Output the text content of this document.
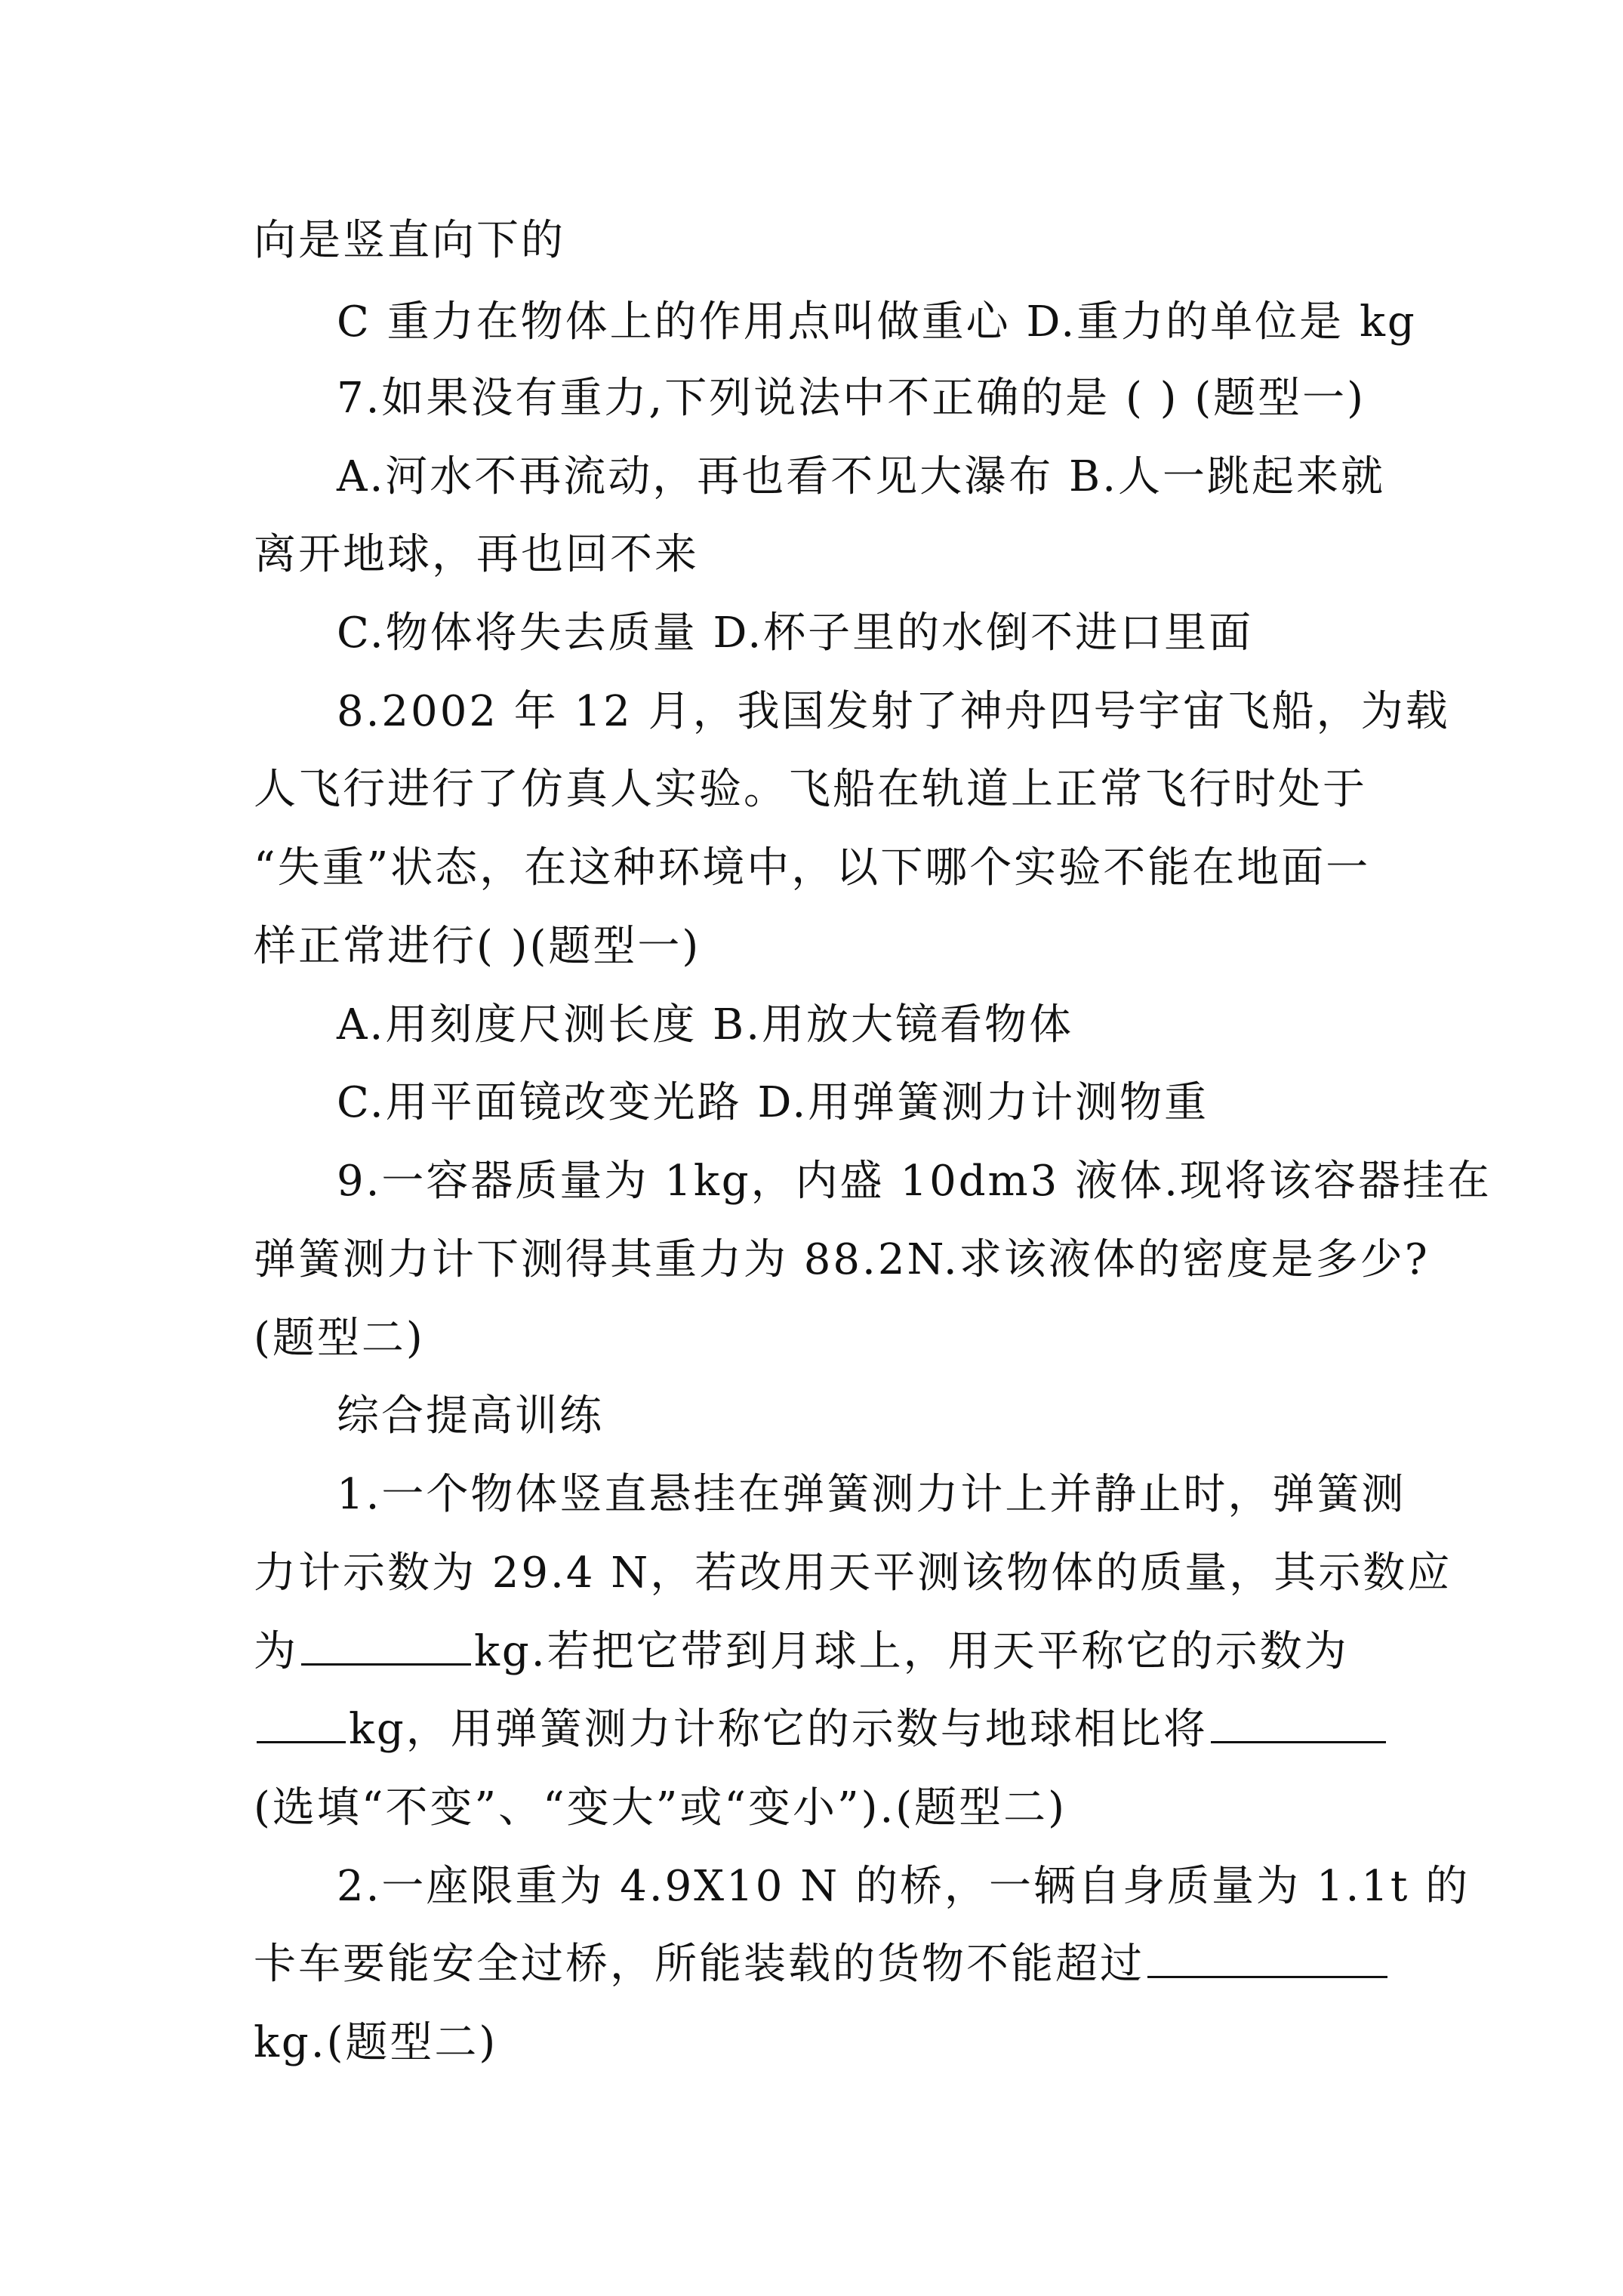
向是竖直向下的
C 重力在物体上的作用点叫做重心 D.重力的单位是 kg
7.如果没有重力,下列说法中不正确的是 ( ) (题型一)
A.河水不再流动，再也看不见大瀑布 B.人一跳起来就
离开地球，再也回不来
C.物体将失去质量 D.杯子里的水倒不进口里面
8.2002 年 12 月，我国发射了神舟四号宇宙飞船，为载
人飞行进行了仿真人实验。飞船在轨道上正常飞行时处于
“失重”状态，在这种环境中，以下哪个实验不能在地面一
样正常进行( )(题型一)
A.用刻度尺测长度 B.用放大镜看物体
C.用平面镜改变光路 D.用弹簧测力计测物重
9.一容器质量为 1kg，内盛 10dm3 液体.现将该容器挂在
弹簧测力计下测得其重力为 88.2N.求该液体的密度是多少?
(题型二)
综合提高训练
1.一个物体竖直悬挂在弹簧测力计上并静止时，弹簧测
力计示数为 29.4 N，若改用天平测该物体的质量，其示数应
为	kg.若把它带到月球上，用天平称它的示数为
kg，用弹簧测力计称它的示数与地球相比将
(选填“不变”、“变大”或“变小”).(题型二)
2.一座限重为 4.9X10 N 的桥，一辆自身质量为 1.1t 的
卡车要能安全过桥，所能装载的货物不能超过
kg.(题型二)
